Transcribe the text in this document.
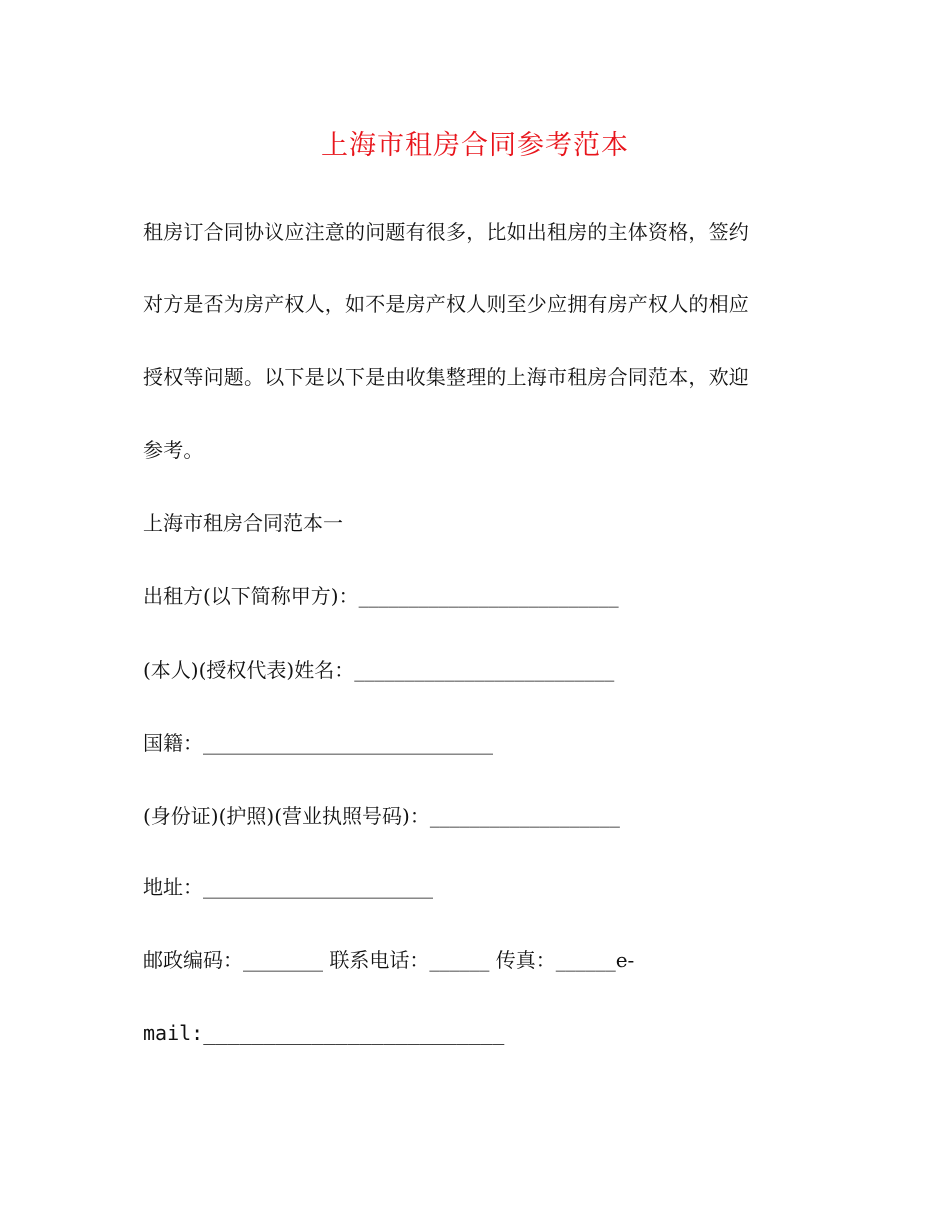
上海市租房合同参考范本
租房订合同协议应注意的问题有很多，比如出租房的主体资格，签约
对方是否为房产权人，如不是房产权人则至少应拥有房产权人的相应
授权等问题。以下是以下是由收集整理的上海市租房合同范本，欢迎
参考。
上海市租房合同范本一
出租方(以下简称甲方)：__________________________
(本人)(授权代表)姓名：__________________________
国籍：_____________________________
(身份证)(护照)(营业执照号码)：___________________
地址：_______________________
邮政编码：________ 联系电话：______ 传真：______e-
mail:_________________________
